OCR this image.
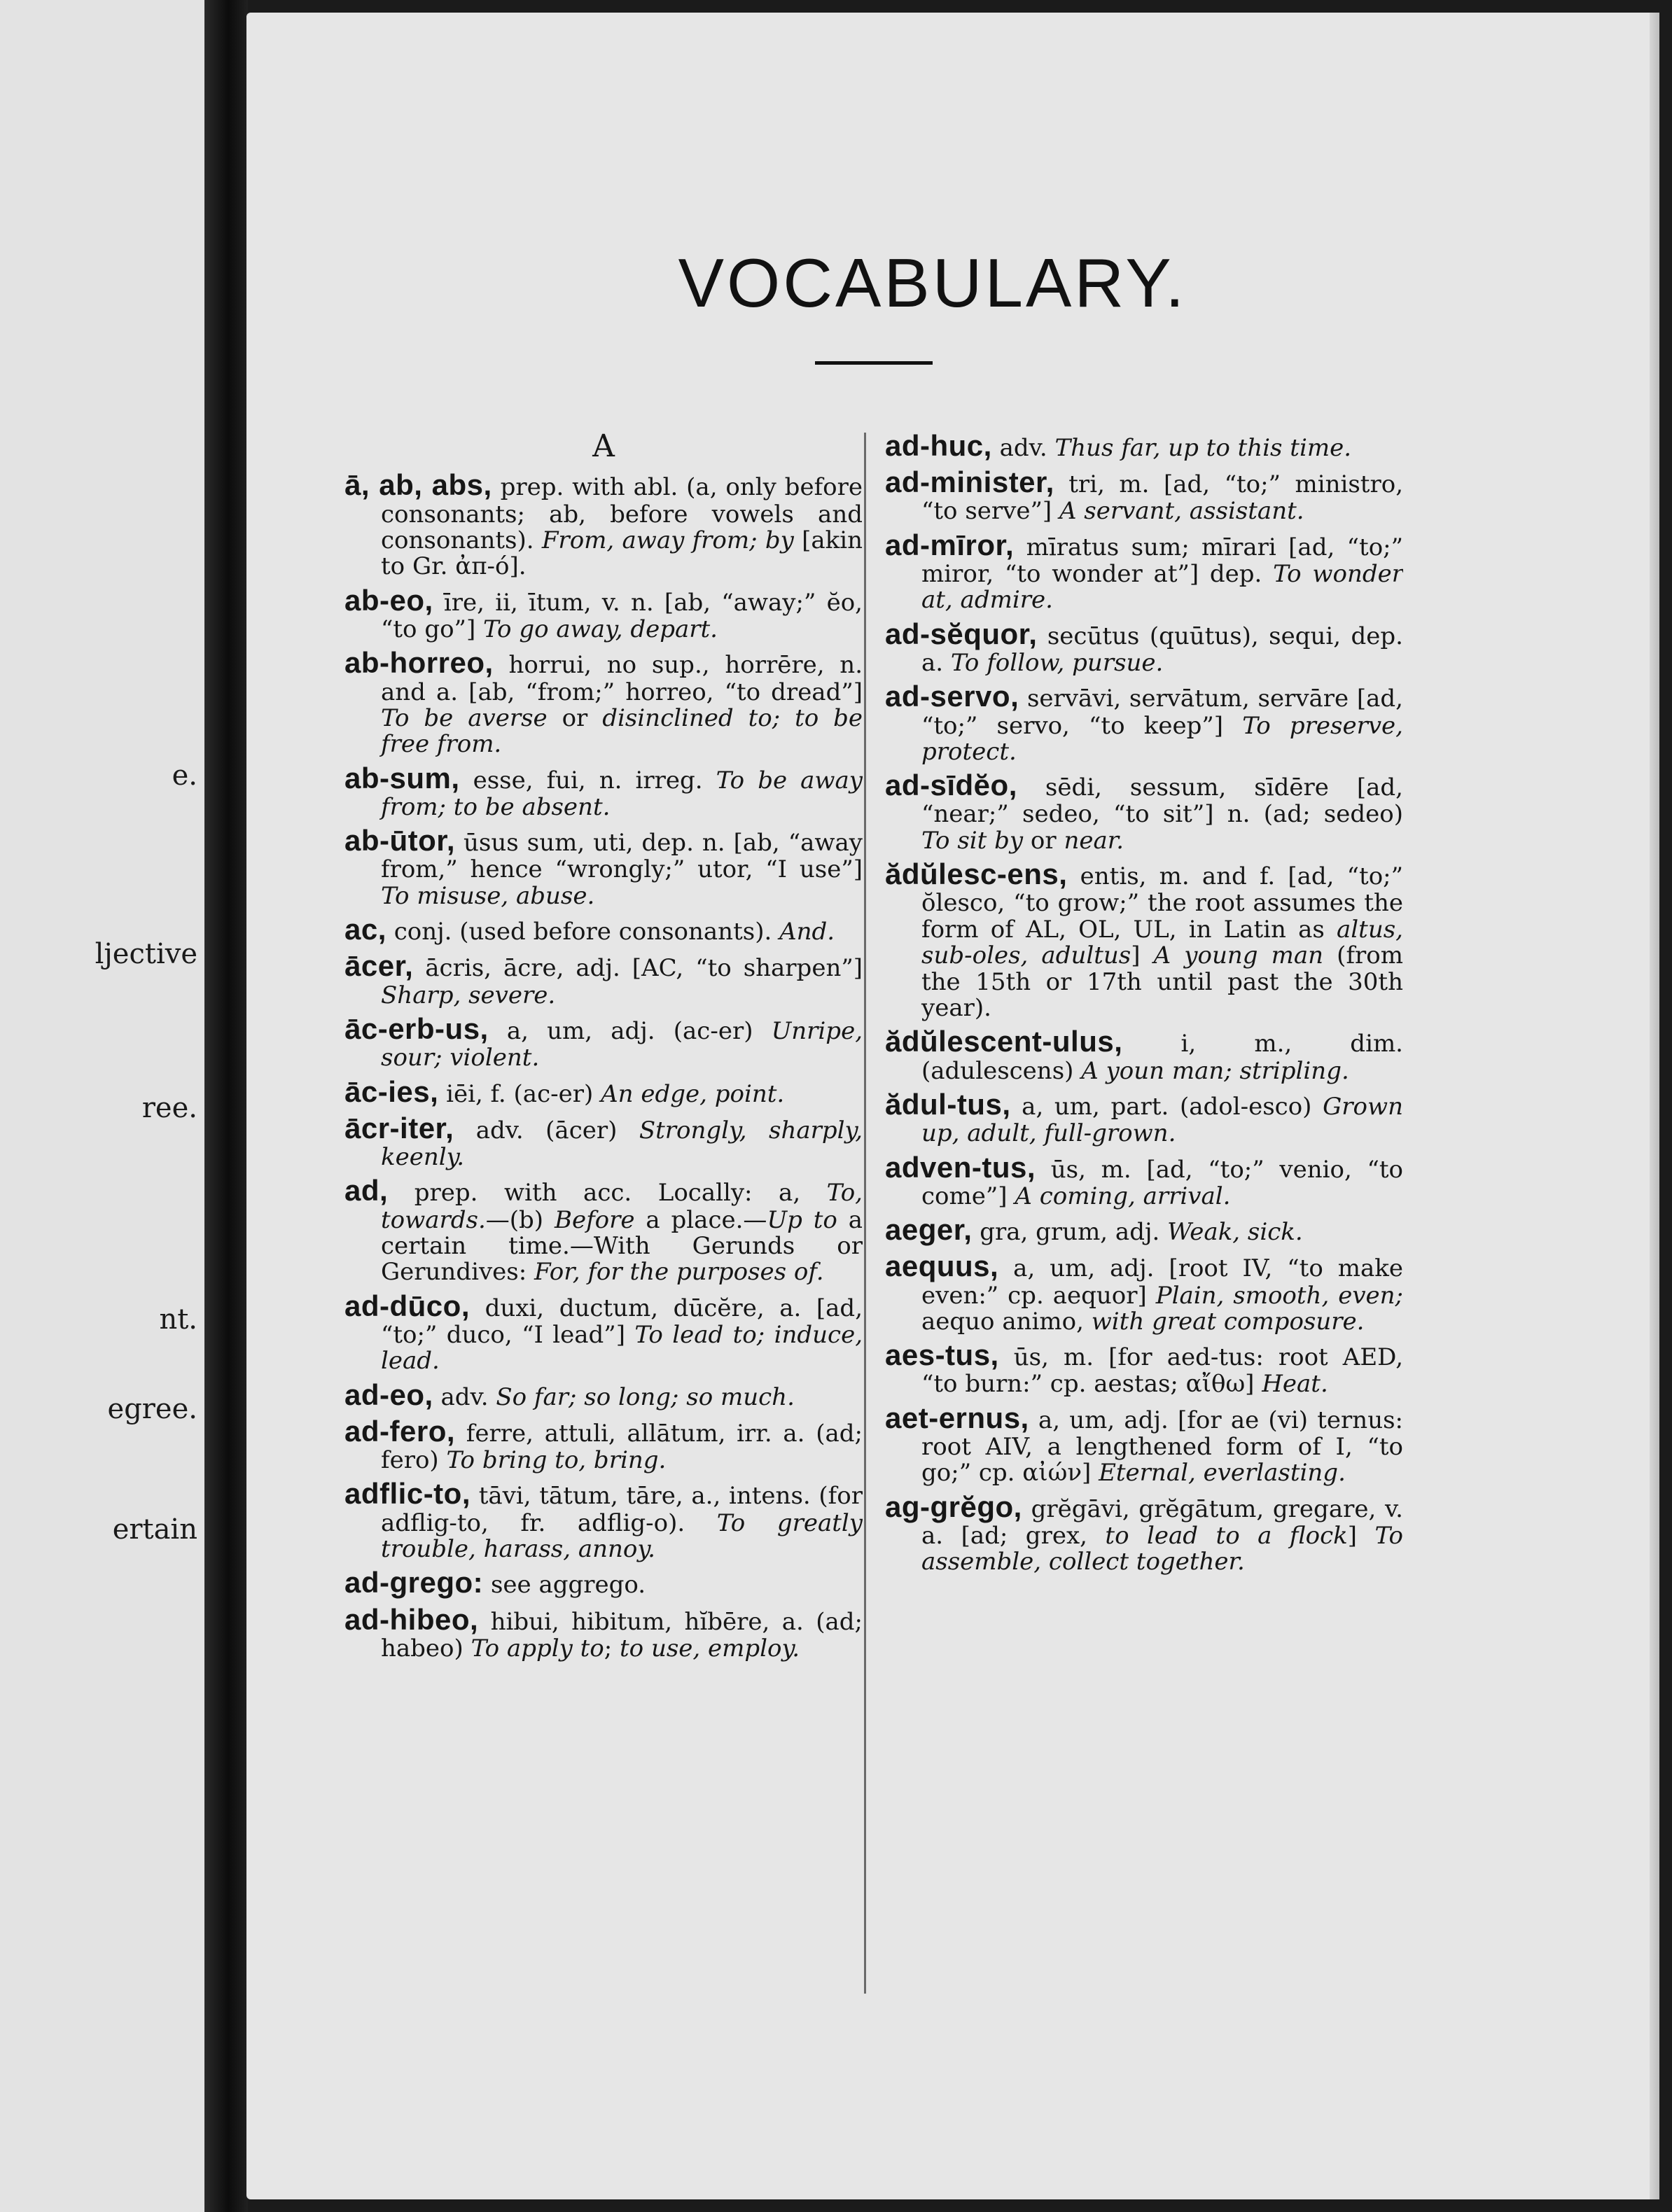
e.
ljective
ree.
nt.
egree.
ertain
VOCABULARY.
A

ā, ab, abs, prep. with abl. (a, only before consonants; ab, before vowels and consonants). From, away from; by [akin to Gr. ἀπ-ό].

ab-eo, īre, ii, ītum, v. n. [ab, “away;” ĕo, “to go”] To go away, depart.

ab-horreo, horrui, no sup., horrēre, n. and a. [ab, “from;” horreo, “to dread”] To be averse or disinclined to; to be free from.

ab-sum, esse, fui, n. irreg. To be away from; to be absent.

ab-ūtor, ūsus sum, uti, dep. n. [ab, “away from,” hence “wrongly;” utor, “I use”] To misuse, abuse.

ac, conj. (used before consonants). And.

ācer, ācris, ācre, adj. [AC, “to sharpen”] Sharp, severe.

āc-erb-us, a, um, adj. (ac-er) Unripe, sour; violent.

āc-ies, iēi, f. (ac-er) An edge, point.

ācr-iter, adv. (ācer) Strongly, sharply, keenly.

ad, prep. with acc. Locally: a, To, towards.—(b) Before a place.—Up to a certain time.—With Gerunds or Gerundives: For, for the purposes of.

ad-dūco, duxi, ductum, dūcĕre, a. [ad, “to;” duco, “I lead”] To lead to; induce, lead.

ad-eo, adv. So far; so long; so much.

ad-fero, ferre, attuli, allātum, irr. a. (ad; fero) To bring to, bring.

adflic-to, tāvi, tātum, tāre, a., intens. (for adflig-to, fr. adflig-o). To greatly trouble, harass, annoy.

ad-grego: see aggrego.

ad-hibeo, hibui, hibitum, hĭbēre, a. (ad; habeo) To apply to; to use, employ.

ad-huc, adv. Thus far, up to this time.

ad-minister, tri, m. [ad, “to;” ministro, “to serve”] A servant, assistant.

ad-mīror, mīratus sum; mīrari [ad, “to;” miror, “to wonder at”] dep. To wonder at, admire.

ad-sĕquor, secūtus (quūtus), sequi, dep. a. To follow, pursue.

ad-servo, servāvi, servātum, servāre [ad, “to;” servo, “to keep”] To preserve, protect.

ad-sīdĕo, sēdi, sessum, sīdēre [ad, “near;” sedeo, “to sit”] n. (ad; sedeo) To sit by or near.

ădŭlesc-ens, entis, m. and f. [ad, “to;” ŏlesco, “to grow;” the root assumes the form of AL, OL, UL, in Latin as altus, sub-oles, adultus] A young man (from the 15th or 17th until past the 30th year).

ădŭlescent-ulus, i, m., dim. (adulescens) A youn man; stripling.

ădul-tus, a, um, part. (adol-esco) Grown up, adult, full-grown.

adven-tus, ūs, m. [ad, “to;” venio, “to come”] A coming, arrival.

aeger, gra, grum, adj. Weak, sick.

aequus, a, um, adj. [root IV, “to make even:” cp. aequor] Plain, smooth, even; aequo animo, with great composure.

aes-tus, ūs, m. [for aed-tus: root AED, “to burn:” cp. aestas; αἴθω] Heat.

aet-ernus, a, um, adj. [for ae (vi) ternus: root AIV, a lengthened form of I, “to go;” cp. αἰών] Eternal, everlasting.

ag-grĕgo, grĕgāvi, grĕgātum, gregare, v. a. [ad; grex, to lead to a flock] To assemble, collect together.
